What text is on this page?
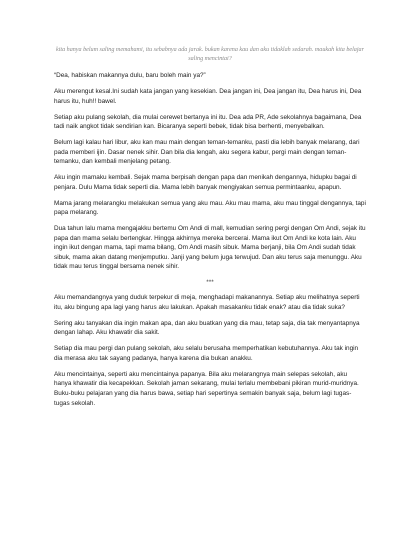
kita hanya belum saling memahami, itu sebabnya ada jarak. bukan karena kau dan aku tidaklah sedarah. maukah kita belajar saling mencintai?

“Dea, habiskan makannya dulu, baru boleh main ya?”

Aku merengut kesal.Ini sudah kata jangan yang kesekian. Dea jangan ini, Dea jangan itu, Dea harus ini, Dea harus itu, huh!! bawel.

Setiap aku pulang sekolah, dia mulai cerewet bertanya ini itu. Dea ada PR, Ade sekolahnya bagaimana, Dea tadi naik angkot tidak sendirian kan. Bicaranya seperti bebek, tidak bisa berhenti, menyebalkan.

Belum lagi kalau hari libur, aku kan mau main dengan teman-temanku, pasti dia lebih banyak melarang, dari pada memberi ijin. Dasar nenek sihir. Dan bila dia lengah, aku segera kabur, pergi main dengan teman-temanku, dan kembali menjelang petang.

Aku ingin mamaku kembali. Sejak mama berpisah dengan papa dan menikah dengannya, hidupku bagai di penjara. Dulu Mama tidak seperti dia. Mama lebih banyak mengiyakan semua permintaanku, apapun.

Mama jarang melarangku melakukan semua yang aku mau. Aku mau mama, aku mau tinggal dengannya, tapi papa melarang.

Dua tahun lalu mama mengajakku bertemu Om Andi di mall, kemudian sering pergi dengan Om Andi, sejak itu papa dan mama selalu bertengkar. Hingga akhirnya mereka bercerai. Mama ikut Om Andi ke kota lain. Aku ingin ikut dengan mama, tapi mama bilang, Om Andi masih sibuk. Mama berjanji, bila Om Andi sudah tidak sibuk, mama akan datang menjemputku. Janji yang belum juga terwujud. Dan aku terus saja menunggu. Aku tidak mau terus tinggal bersama nenek sihir.

***

Aku memandangnya yang duduk terpekur di meja, menghadapi makanannya. Setiap aku melihatnya seperti itu, aku bingung apa lagi yang harus aku lakukan. Apakah masakanku tidak enak? atau dia tidak suka?

Sering aku tanyakan dia ingin makan apa, dan aku buatkan yang dia mau, tetap saja, dia tak menyantapnya dengan lahap. Aku khawatir dia sakit.

Setiap dia mau pergi dan pulang sekolah, aku selalu berusaha memperhatikan kebutuhannya. Aku tak ingin dia merasa aku tak sayang padanya, hanya karena dia bukan anakku.

Aku mencintainya, seperti aku mencintainya papanya. Bila aku melarangnya main selepas sekolah, aku hanya khawatir dia kecapekkan. Sekolah jaman sekarang, mulai terlalu membebani pikiran murid-muridnya. Buku-buku pelajaran yang dia harus bawa, setiap hari sepertinya semakin banyak saja, belum lagi tugas-tugas sekolah.
